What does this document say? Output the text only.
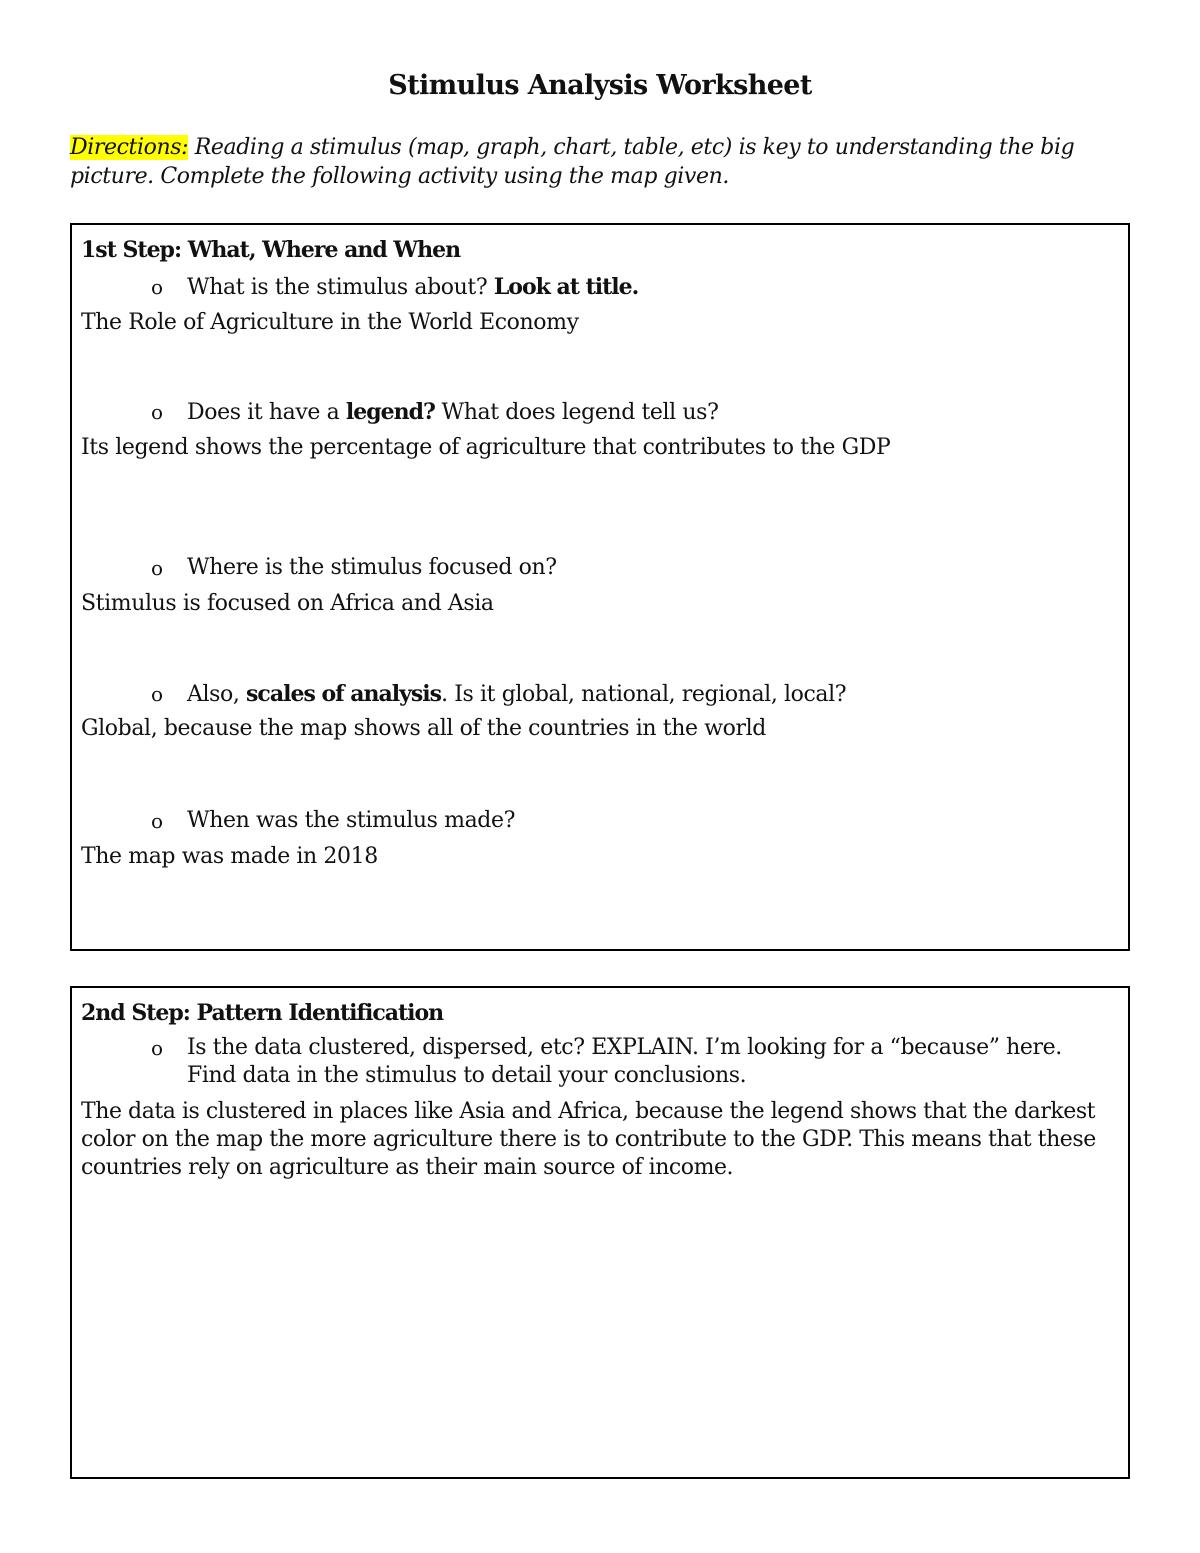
Stimulus Analysis Worksheet

Directions: Reading a stimulus (map, graph, chart, table, etc) is key to understanding the big picture. Complete the following activity using the map given.

1st Step: What, Where and When
o What is the stimulus about? Look at title.
The Role of Agriculture in the World Economy
o Does it have a legend? What does legend tell us?
Its legend shows the percentage of agriculture that contributes to the GDP
o Where is the stimulus focused on?
Stimulus is focused on Africa and Asia
o Also, scales of analysis. Is it global, national, regional, local?
Global, because the map shows all of the countries in the world
o When was the stimulus made?
The map was made in 2018
2nd Step: Pattern Identification
o Is the data clustered, dispersed, etc? EXPLAIN. I’m looking for a “because” here. Find data in the stimulus to detail your conclusions.
The data is clustered in places like Asia and Africa, because the legend shows that the darkest color on the map the more agriculture there is to contribute to the GDP. This means that these countries rely on agriculture as their main source of income.
